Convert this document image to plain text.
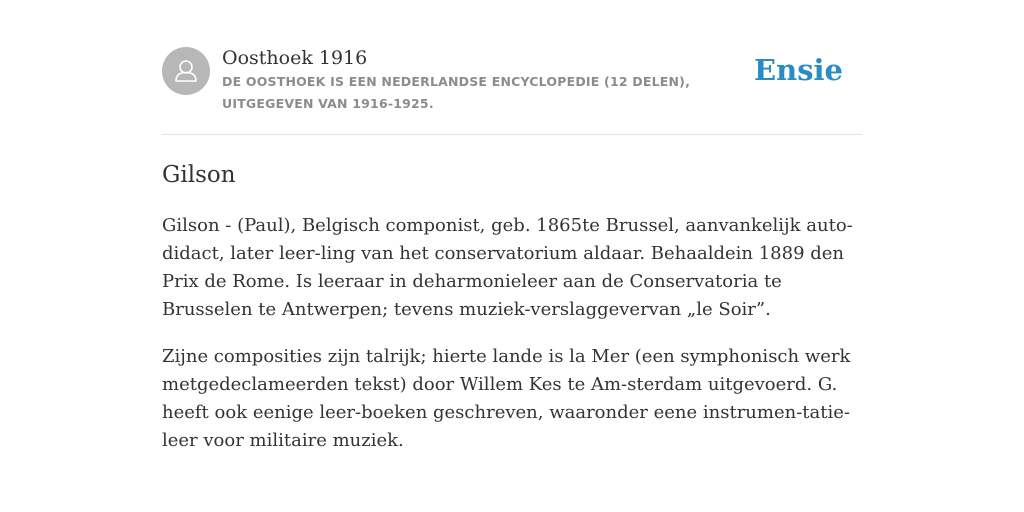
Oosthoek 1916
DE OOSTHOEK IS EEN NEDERLANDSE ENCYCLOPEDIE (12 DELEN), UITGEGEVEN VAN 1916-1925.
Ensie
Gilson

Gilson - (Paul), Belgisch componist, geb. 1865te Brussel, aanvankelijk auto-didact, later leer-ling van het conservatorium aldaar. Behaaldein 1889 den Prix de Rome. Is leeraar in deharmonieleer aan de Conservatoria te Brusselen te Antwerpen; tevens muziek-verslaggevervan „le Soir”.

Zijne composities zijn talrijk; hierte lande is la Mer (een symphonisch werk metgedeclameerden tekst) door Willem Kes te Am-sterdam uitgevoerd. G. heeft ook eenige leer-boeken geschreven, waaronder eene instrumen-tatie-leer voor militaire muziek.
